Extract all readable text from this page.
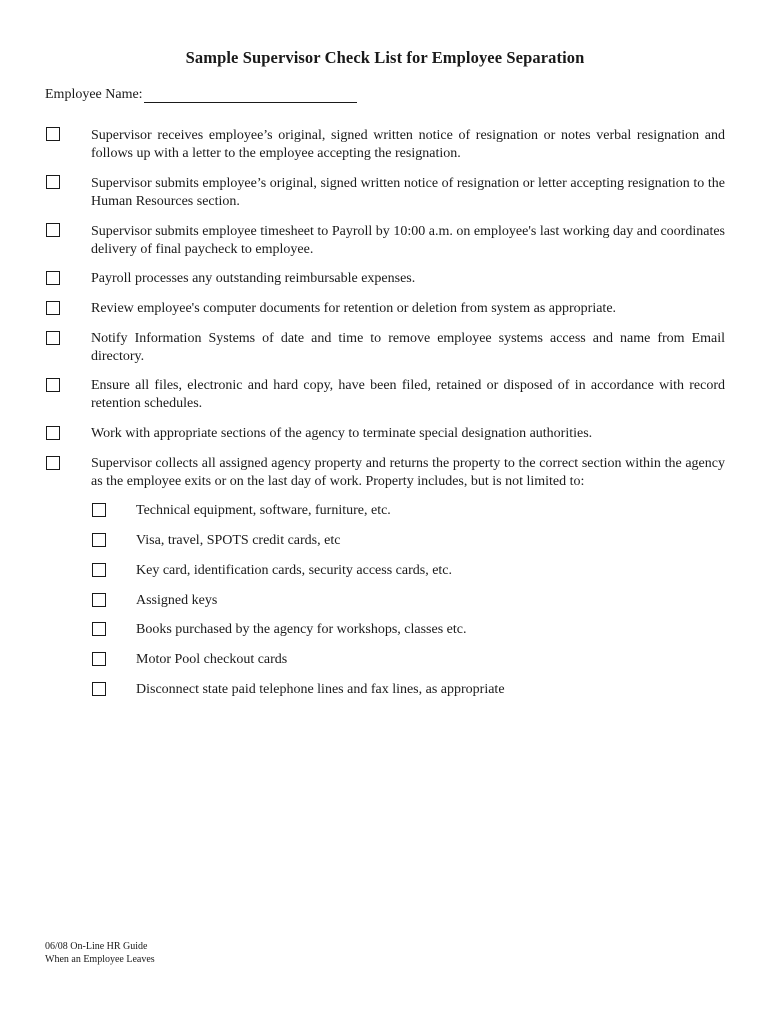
Sample Supervisor Check List for Employee Separation
Employee Name:
Supervisor receives employee’s original, signed written notice of resignation or notes verbal resignation and follows up with a letter to the employee accepting the resignation.
Supervisor submits employee’s original, signed written notice of resignation or letter accepting resignation to the Human Resources section.
Supervisor submits employee timesheet to Payroll by 10:00 a.m. on employee's last working day and coordinates delivery of final paycheck to employee.
Payroll processes any outstanding reimbursable expenses.
Review employee's computer documents for retention or deletion from system as appropriate.
Notify Information Systems of date and time to remove employee systems access and name from Email directory.
Ensure all files, electronic and hard copy, have been filed, retained or disposed of in accordance with record retention schedules.
Work with appropriate sections of the agency to terminate special designation authorities.
Supervisor collects all assigned agency property and returns the property to the correct section within the agency as the employee exits or on the last day of work. Property includes, but is not limited to:
Technical equipment, software, furniture, etc.
Visa, travel, SPOTS credit cards, etc
Key card, identification cards, security access cards, etc.
Assigned keys
Books purchased by the agency for workshops, classes etc.
Motor Pool checkout cards
Disconnect state paid telephone lines and fax lines, as appropriate
06/08 On-Line HR Guide
When an Employee Leaves
